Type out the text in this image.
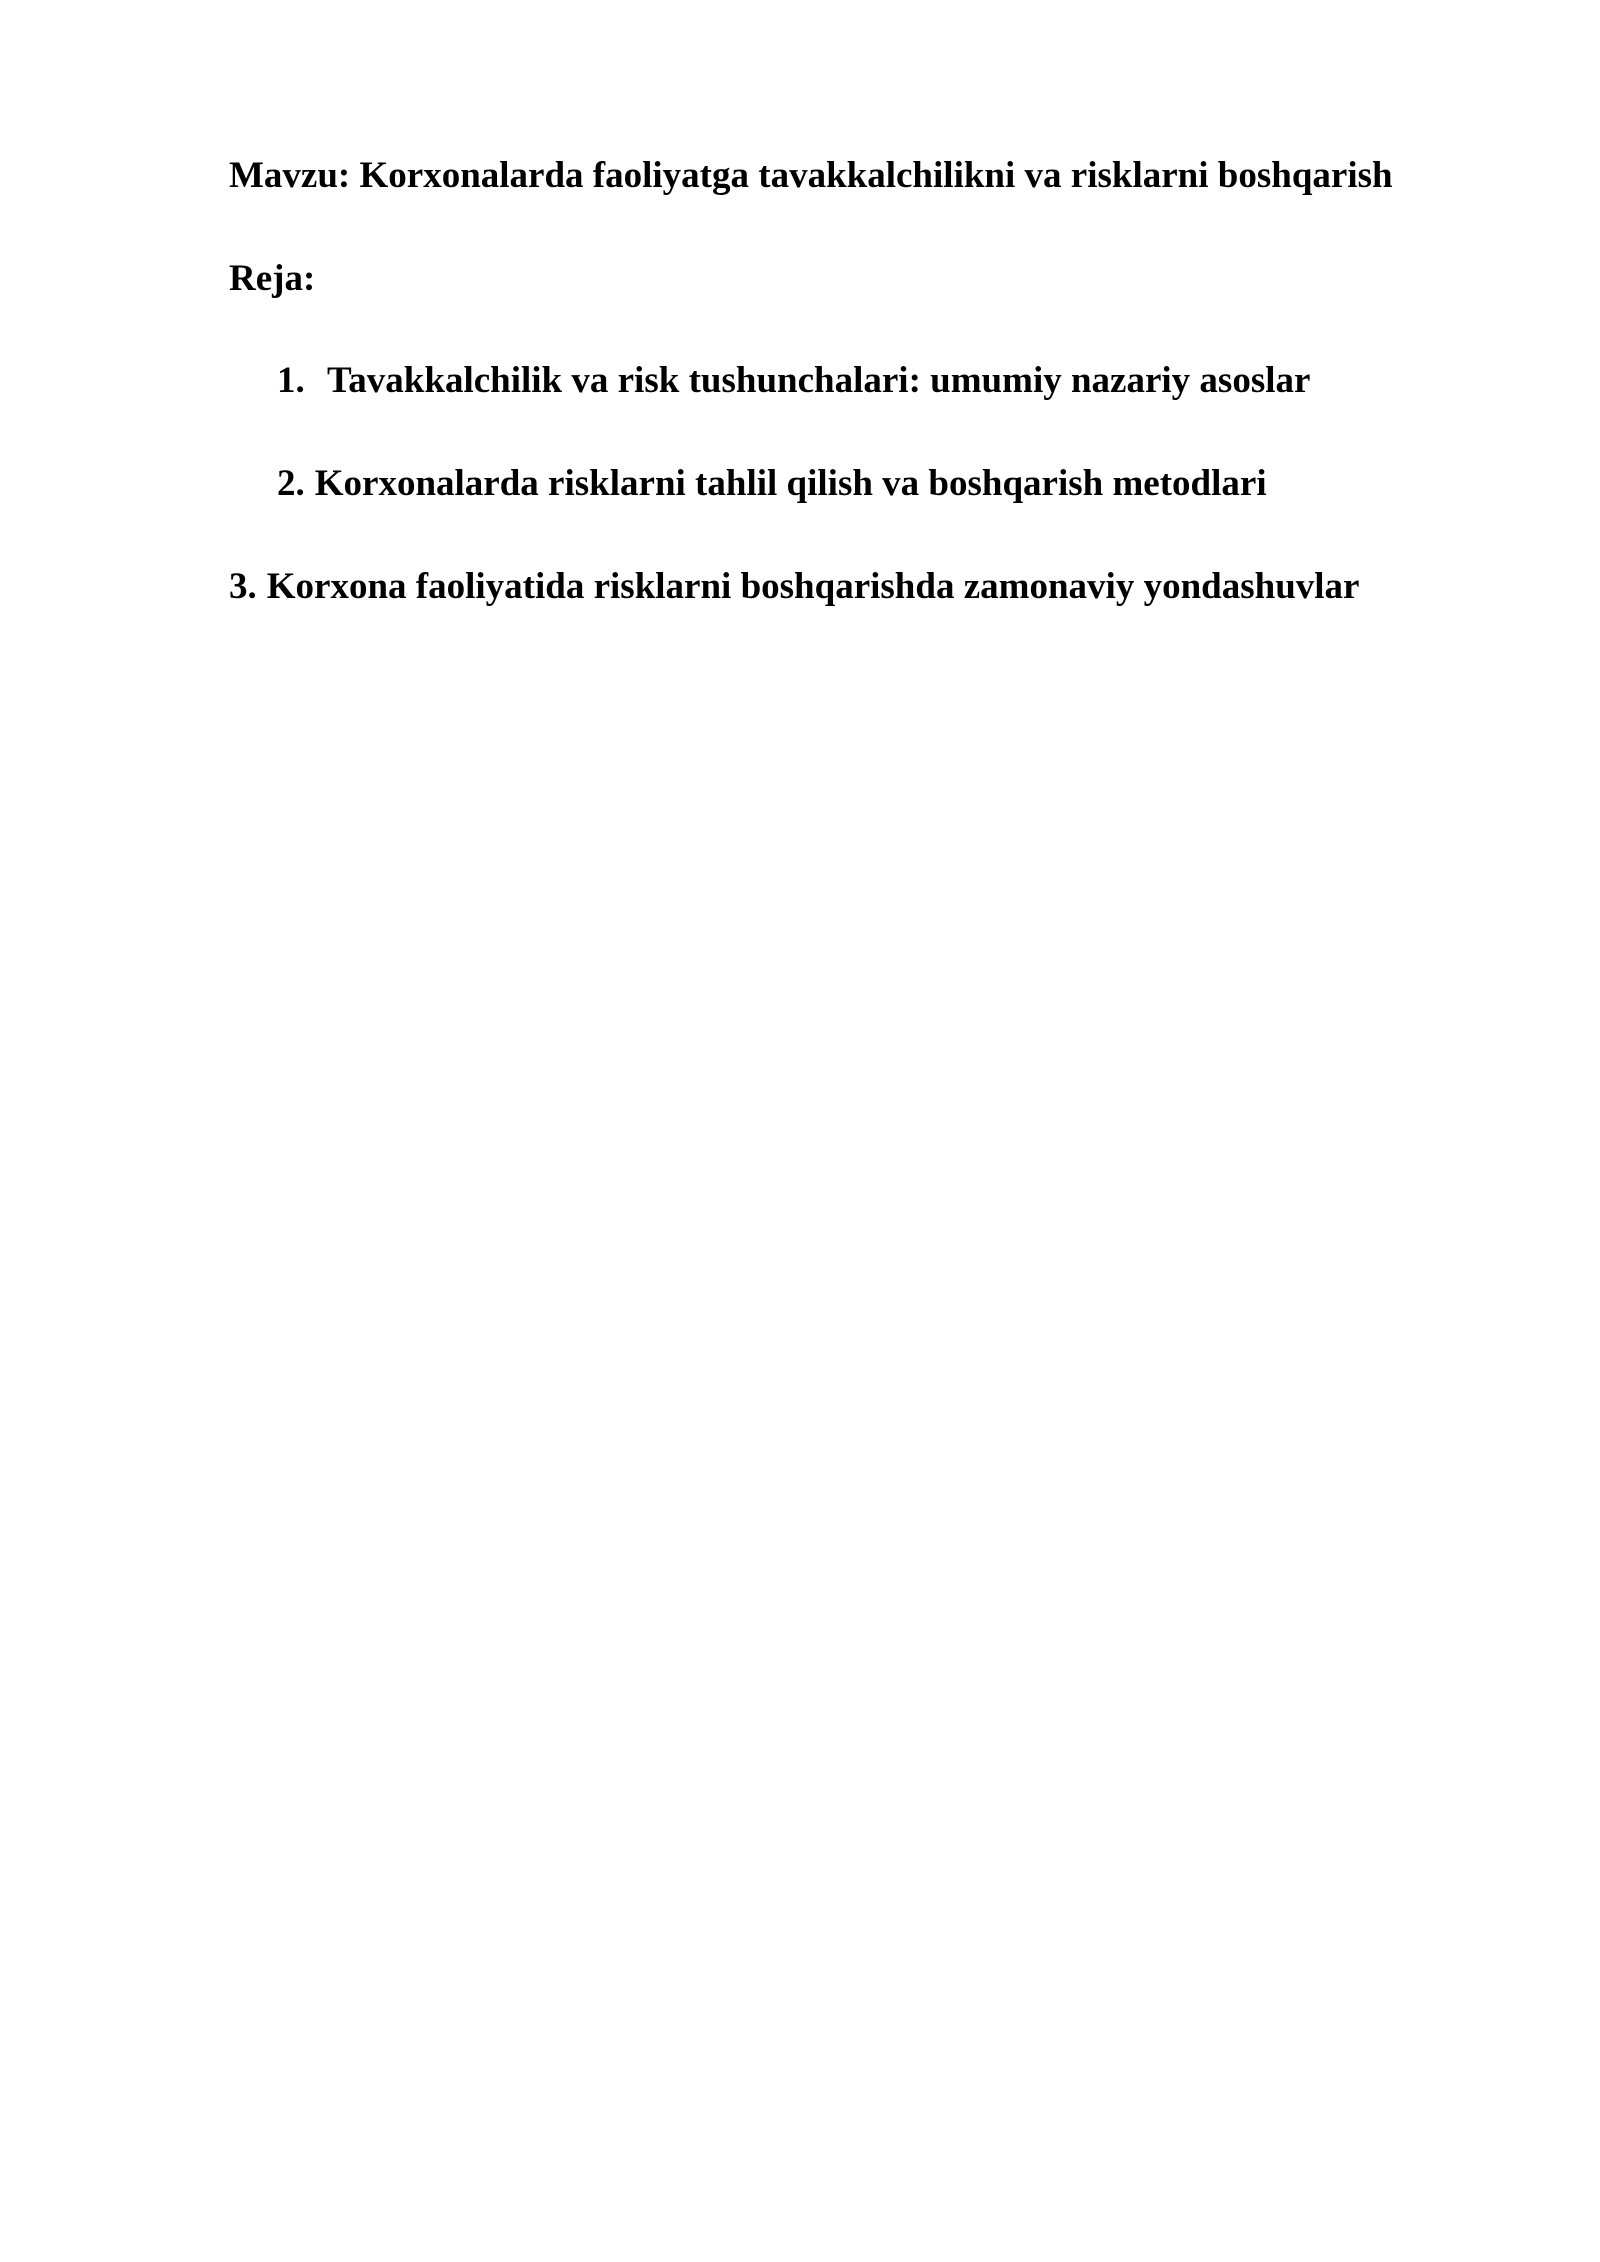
Mavzu: Korxonalarda faoliyatga tavakkalchilikni va risklarni boshqarish
Reja:
1. Tavakkalchilik va risk tushunchalari: umumiy nazariy asoslar
2. Korxonalarda risklarni tahlil qilish va boshqarish metodlari
3. Korxona faoliyatida risklarni boshqarishda zamonaviy yondashuvlar
